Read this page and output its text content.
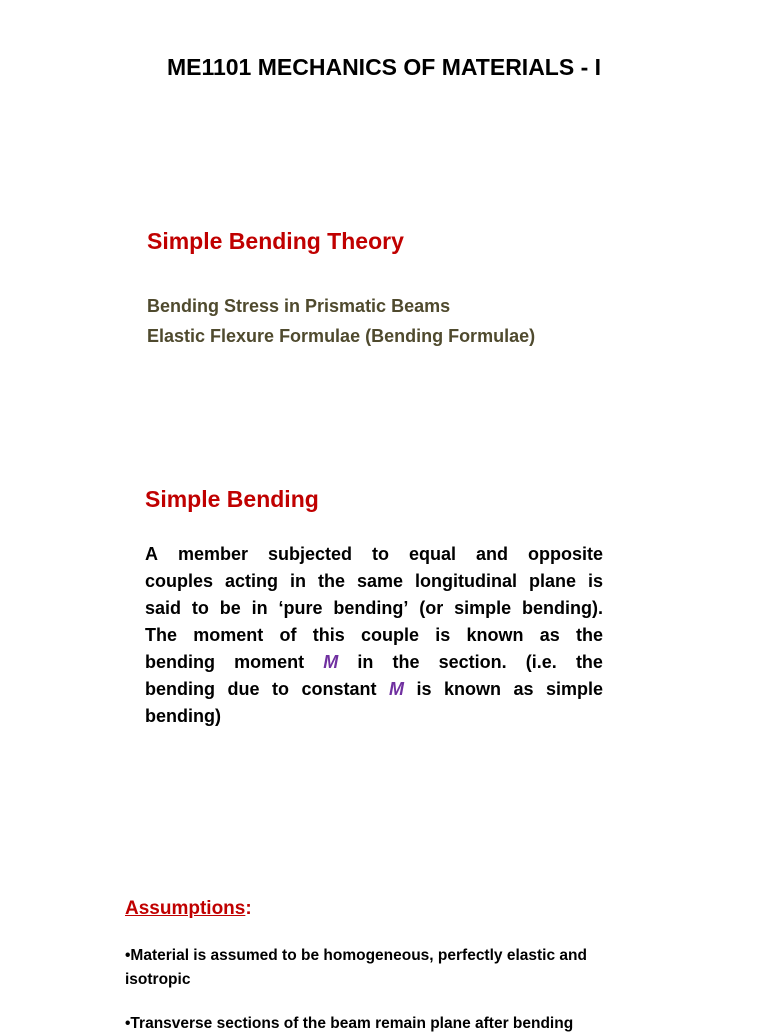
ME1101 MECHANICS OF MATERIALS - I
Simple Bending Theory
Bending Stress in Prismatic Beams
Elastic Flexure Formulae (Bending Formulae)
Simple Bending
A member subjected to equal and opposite
couples acting in the same longitudinal plane is
said to be in ‘pure bending’ (or simple bending).
The moment of this couple is known as the
bending moment M in the section. (i.e. the
bending due to constant M is known as simple
bending)
Assumptions:
•Material is assumed to be homogeneous, perfectly elastic and isotropic
•Transverse sections of the beam remain plane after bending
